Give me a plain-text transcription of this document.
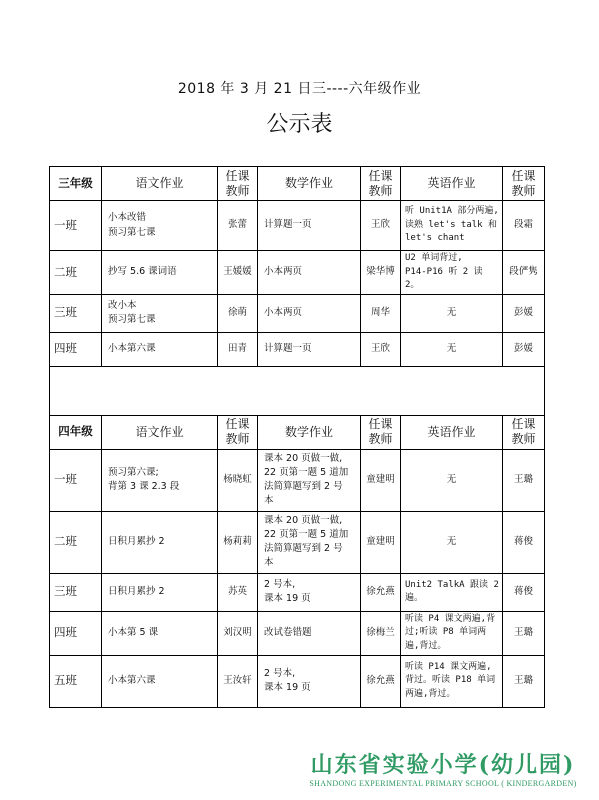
2018 年 3 月 21 日三----六年级作业
公示表
三年级	语文作业	任课教师	数学作业	任课教师	英语作业	任课教师
一班	小本改错
预习第七课	张蕾	计算题一页	王欣	听 Unit1A 部分两遍,
读熟 let's talk 和
let's chant	段霜
二班	抄写 5.6 课词语	王媛媛	小本两页	梁华博	U2 单词背过,
P14-P16 听 2 读 2。	段俨隽
三班	改小本
预习第七课	徐萌	小本两页	周华	无	彭媛
四班	小本第六课	田青	计算题一页	王欣	无	彭媛

四年级	语文作业	任课教师	数学作业	任课教师	英语作业	任课教师
一班	预习第六课;
背第 3 课 2.3 段	杨晓虹	课本 20 页做一做,
22 页第一题 5 道加
法简算题写到 2 号
本	童建明	无	王璐
二班	日积月累抄 2	杨莉莉	课本 20 页做一做,
22 页第一题 5 道加
法简算题写到 2 号
本	童建明	无	蒋俊
三班	日积月累抄 2	苏英	2 号本,
课本 19 页	徐允燕	Unit2 TalkA 跟读 2
遍。	蒋俊
四班	小本第 5 课	刘汉明	改试卷错题	徐梅兰	听读 P4 课文两遍,背
过;听读 P8 单词两遍,背过。	王璐
五班	小本第六课	王汝轩	2 号本,
课本 19 页	徐允燕	听读 P14 课文两遍,
背过。听读 P18 单词
两遍,背过。	王璐
山东省实验小学(幼儿园)
SHANDONG EXPERIMENTAL PRIMARY SCHOOL ( KINDERGARDEN)
